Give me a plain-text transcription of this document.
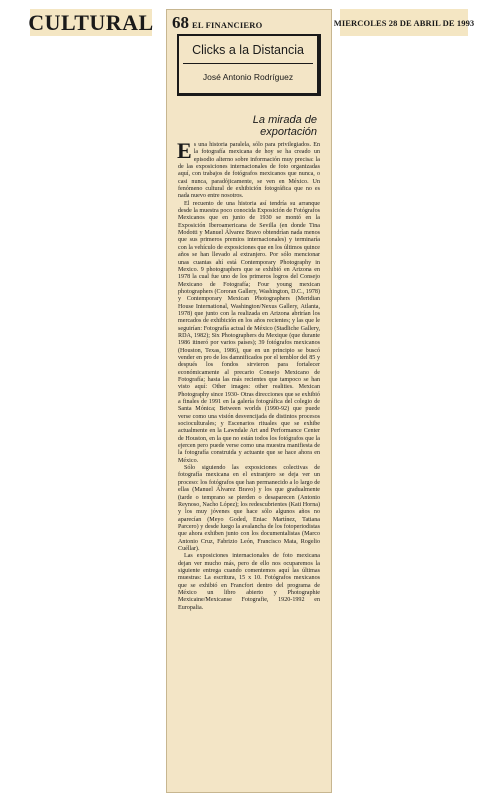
CULTURAL	MIERCOLES 28 DE ABRIL DE 1993
68 EL FINANCIERO
Clicks a la Distancia
José Antonio Rodríguez
La mirada de
exportación

Es una historia paralela, sólo para privilegiados. En la fotografía mexicana de hoy se ha creado un episodio alterno sobre información muy precisa: la de las exposiciones internacionales de foto organizadas aquí, con trabajos de fotógrafos mexicanos que nunca, o casi nunca, paradójicamente, se ven en México. Un fenómeno cultural de exhibición fotográfica que no es nada nuevo entre nosotros.

El recuento de una historia así tendría su arranque desde la muestra poco conocida Exposición de Fotógrafos Mexicanos que en junio de 1930 se montó en la Exposición Iberoamericana de Sevilla (en donde Tina Modotti y Manuel Álvarez Bravo obtendrían nada menos que sus primeros premios internacionales) y terminaría con la vehículo de exposiciones que en los últimos quince años se han llevado al extranjero. Por sólo mencionar unas cuantas ahí está Contemporary Photography in Mexico. 9 photographers que se exhibió en Arizona en 1978 la cual fue uno de los primeros logros del Consejo Mexicano de Fotografía; Four young mexican photographers (Cororan Gallery, Washington, D.C., 1978) y Contemporary Mexican Photographers (Meridian House International, Washington/Nexus Gallery, Atlanta, 1978) que junto con la realizada en Arizona abrirían los mercados de exhibición en los años recientes; y las que le seguirían: Fotografía actual de México (Stadliche Gallery, RDA, 1982); Six Photographers du Mexique (que durante 1986 itineró por varios países); 39 fotógrafos mexicanos (Houston, Texas, 1986), que en un principio se buscó vender en pro de los damnificados por el temblor del 85 y después los fondos sirvieron para fortalecer económicamente al precario Consejo Mexicano de Fotografía; hasta las más recientes que tampoco se han visto aquí: Other images: other realities. Mexican Photography since 1930- Otras direcciones que se exhibió a finales de 1991 en la galería fotográfica del colegio de Santa Mónica; Between worlds (1990-92) que puede verse como una visión desvencijada de distintos procesos socioculturales; y Escenarios rituales que se exhibe actualmente en la Lawndale Art and Performance Center de Houston, en la que no están todos los fotógrafos que la ejercen pero puede verse como una muestra manifiesta de la fotografía construida y actuante que se hace ahora en México.

Sólo siguiendo las exposiciones colectivas de fotografía mexicana en el extranjero se deja ver un proceso: los fotógrafos que han permanecido a lo largo de ellas (Manuel Álvarez Bravo) y los que gradualmente (tarde o temprano se pierden o desaparecen (Antonio Reynoso, Nacho López); los redescubrientes (Kati Horna) y los muy jóvenes que hace sólo algunos años no aparecían (Meyo Goded, Eniac Martínez, Tatiana Parcero) y desde luego la avalancha de los fotoperiodistas que ahora exhiben junto con los documentalistas (Marco Antonio Cruz, Fabrizio León, Francisco Mata, Rogelio Cuéllar).

Las exposiciones internacionales de foto mexicana dejan ver mucho más, pero de ello nos ocuparemos la siguiente entrega cuando comentemos aquí las últimas muestras: La escritura, 15 x 10. Fotógrafos mexicanos que se exhibió en Francfort dentro del programa de México un libro abierto y Photographie Mexicaine/Mexicanse Fotografie, 1920-1992 en Europalia.
